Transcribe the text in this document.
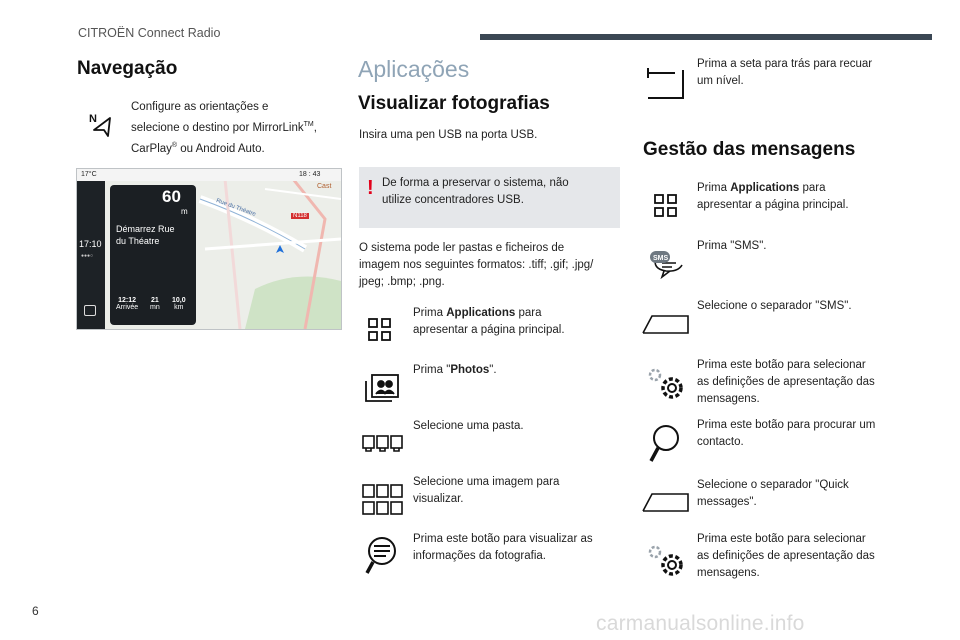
CITROËN Connect Radio
Navegação
N
Configure as orientações e
selecione o destino por MirrorLink™,
CarPlay® ou Android Auto.
17:10
●●●○
Rue du Théatre	N118
17°C	18 : 43
Cast
60
m
Démarrez Rue
du Théatre
12:12
Arrivée
21
mn
10,0
km
Aplicações
Visualizar fotografias
Insira uma pen USB na porta USB.
! De forma a preservar o sistema, não
utilize concentradores USB.
O sistema pode ler pastas e ficheiros de
imagem nos seguintes formatos: .tiff; .gif; .jpg/
jpeg; .bmp; .png.
Prima Applications para
apresentar a página principal.
Prima "Photos".
Selecione uma pasta.
Selecione uma imagem para
visualizar.
Prima este botão para visualizar as
informações da fotografia.
Prima a seta para trás para recuar
um nível.
Gestão das mensagens
SMS
Prima Applications para
apresentar a página principal.
Prima "SMS".
Selecione o separador "SMS".
Prima este botão para selecionar
as definições de apresentação das
mensagens.
Prima este botão para procurar um
contacto.
Selecione o separador "Quick
messages".
Prima este botão para selecionar
as definições de apresentação das
mensagens.
6
carmanualsonline.info
